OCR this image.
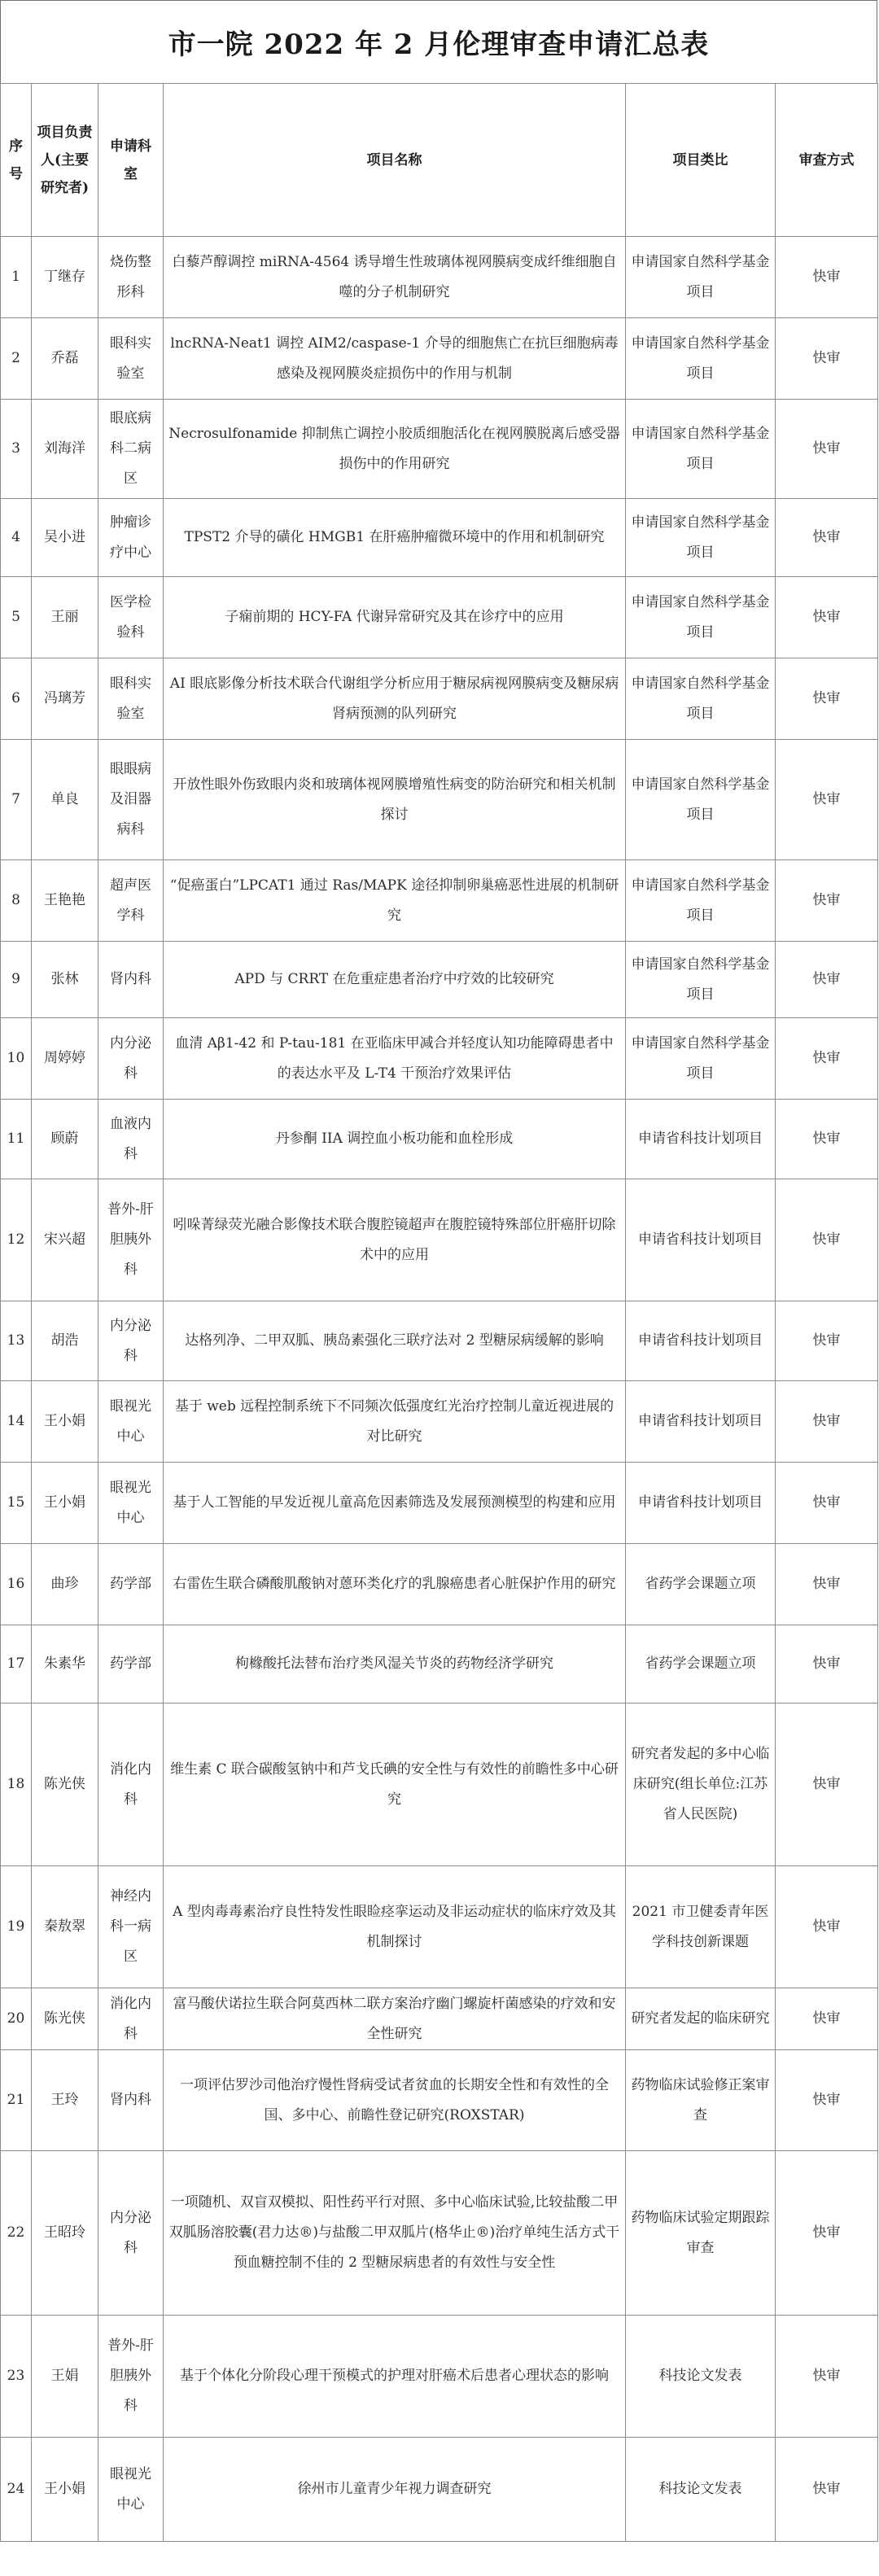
市一院 2022 年 2 月伦理审查申请汇总表
序号	项目负责人(主要研究者)	申请科室	项目名称	项目类比	审查方式
1	丁继存	烧伤整形科	白藜芦醇调控 miRNA-4564 诱导增生性玻璃体视网膜病变成纤维细胞自噬的分子机制研究	申请国家自然科学基金项目	快审
2	乔磊	眼科实验室	lncRNA-Neat1 调控 AIM2/caspase-1 介导的细胞焦亡在抗巨细胞病毒感染及视网膜炎症损伤中的作用与机制	申请国家自然科学基金项目	快审
3	刘海洋	眼底病科二病区	Necrosulfonamide 抑制焦亡调控小胶质细胞活化在视网膜脱离后感受器损伤中的作用研究	申请国家自然科学基金项目	快审
4	吴小进	肿瘤诊疗中心	TPST2 介导的磺化 HMGB1 在肝癌肿瘤微环境中的作用和机制研究	申请国家自然科学基金项目	快审
5	王丽	医学检验科	子痫前期的 HCY-FA 代谢异常研究及其在诊疗中的应用	申请国家自然科学基金项目	快审
6	冯璃芳	眼科实验室	AI 眼底影像分析技术联合代谢组学分析应用于糖尿病视网膜病变及糖尿病肾病预测的队列研究	申请国家自然科学基金项目	快审
7	单良	眼眼病及泪器病科	开放性眼外伤致眼内炎和玻璃体视网膜增殖性病变的防治研究和相关机制探讨	申请国家自然科学基金项目	快审
8	王艳艳	超声医学科	“促癌蛋白”LPCAT1 通过 Ras/MAPK 途径抑制卵巢癌恶性进展的机制研究	申请国家自然科学基金项目	快审
9	张林	肾内科	APD 与 CRRT 在危重症患者治疗中疗效的比较研究	申请国家自然科学基金项目	快审
10	周婷婷	内分泌科	血清 Aβ1-42 和 P-tau-181 在亚临床甲减合并轻度认知功能障碍患者中的表达水平及 L-T4 干预治疗效果评估	申请国家自然科学基金项目	快审
11	顾蔚	血液内科	丹参酮 IIA 调控血小板功能和血栓形成	申请省科技计划项目	快审
12	宋兴超	普外-肝胆胰外科	吲哚菁绿荧光融合影像技术联合腹腔镜超声在腹腔镜特殊部位肝癌肝切除术中的应用	申请省科技计划项目	快审
13	胡浩	内分泌科	达格列净、二甲双胍、胰岛素强化三联疗法对 2 型糖尿病缓解的影响	申请省科技计划项目	快审
14	王小娟	眼视光中心	基于 web 远程控制系统下不同频次低强度红光治疗控制儿童近视进展的对比研究	申请省科技计划项目	快审
15	王小娟	眼视光中心	基于人工智能的早发近视儿童高危因素筛选及发展预测模型的构建和应用	申请省科技计划项目	快审
16	曲珍	药学部	右雷佐生联合磷酸肌酸钠对蒽环类化疗的乳腺癌患者心脏保护作用的研究	省药学会课题立项	快审
17	朱素华	药学部	枸橼酸托法替布治疗类风湿关节炎的药物经济学研究	省药学会课题立项	快审
18	陈光侠	消化内科	维生素 C 联合碳酸氢钠中和芦戈氏碘的安全性与有效性的前瞻性多中心研究	研究者发起的多中心临床研究(组长单位:江苏省人民医院)	快审
19	秦敖翠	神经内科一病区	A 型肉毒毒素治疗良性特发性眼睑痉挛运动及非运动症状的临床疗效及其机制探讨	2021 市卫健委青年医学科技创新课题	快审
20	陈光侠	消化内科	富马酸伏诺拉生联合阿莫西林二联方案治疗幽门螺旋杆菌感染的疗效和安全性研究	研究者发起的临床研究	快审
21	王玲	肾内科	一项评估罗沙司他治疗慢性肾病受试者贫血的长期安全性和有效性的全国、多中心、前瞻性登记研究(ROXSTAR)	药物临床试验修正案审查	快审
22	王昭玲	内分泌科	一项随机、双盲双模拟、阳性药平行对照、多中心临床试验,比较盐酸二甲双胍肠溶胶囊(君力达®)与盐酸二甲双胍片(格华止®)治疗单纯生活方式干预血糖控制不佳的 2 型糖尿病患者的有效性与安全性	药物临床试验定期跟踪审查	快审
23	王娟	普外-肝胆胰外科	基于个体化分阶段心理干预模式的护理对肝癌术后患者心理状态的影响	科技论文发表	快审
24	王小娟	眼视光中心	徐州市儿童青少年视力调查研究	科技论文发表	快审
